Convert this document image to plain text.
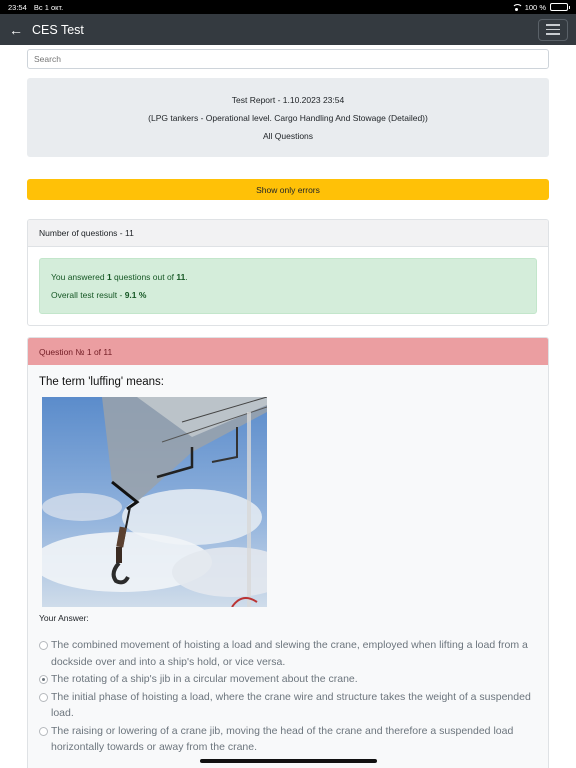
23:54 Вс 1 окт.	100 %
← CES Test
Search
Test Report - 1.10.2023 23:54
(LPG tankers - Operational level. Cargo Handling And Stowage (Detailed))
All Questions
Show only errors
Number of questions - 11
You answered 1 questions out of 11.
Overall test result - 9.1 %
Question № 1 of 11
The term 'luffing' means:
Your Answer:
The combined movement of hoisting a load and slewing the crane, employed when lifting a load from a dockside over and into a ship's hold, or vice versa.
The rotating of a ship's jib in a circular movement about the crane.
The initial phase of hoisting a load, where the crane wire and structure takes the weight of a suspended load.
The raising or lowering of a crane jib, moving the head of the crane and therefore a suspended load horizontally towards or away from the crane.
